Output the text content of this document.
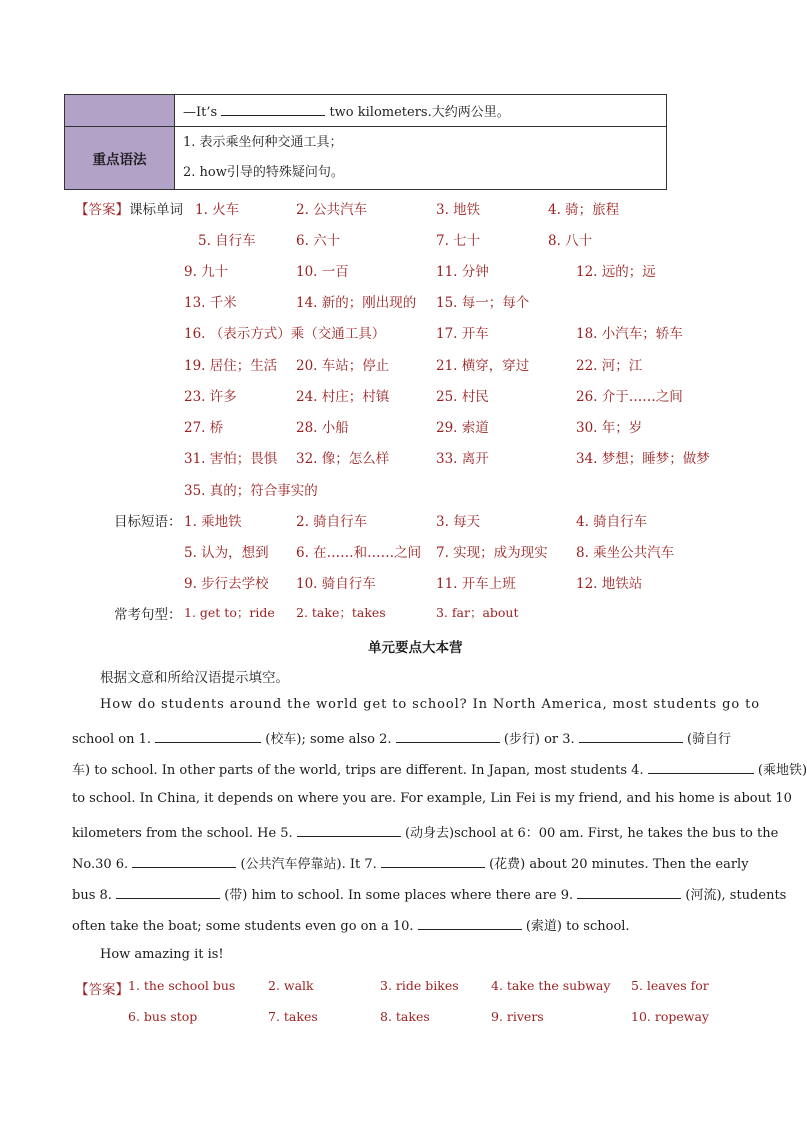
	—It’s two kilometers.大约两公里。
重点语法	1. 表示乘坐何种交通工具；
2. how引导的特殊疑问句。
【答案】课标单词 1. 火车	2. 公共汽车	3. 地铁	4. 骑；旅程
5. 自行车	6. 六十	7. 七十	8. 八十
9. 九十	10. 一百	11. 分钟	12. 远的；远
13. 千米	14. 新的；刚出现的 15. 每一；每个
16. （表示方式）乘（交通工具）	17. 开车	18. 小汽车；轿车
19. 居住；生活 20. 车站；停止	21. 横穿，穿过	22. 河；江
23. 许多	24. 村庄；村镇	25. 村民	26. 介于……之间
27. 桥	28. 小船	29. 索道	30. 年；岁
31. 害怕；畏惧 32. 像；怎么样	33. 离开	34. 梦想；睡梦；做梦
35. 真的；符合事实的
目标短语： 1. 乘地铁	2. 骑自行车	3. 每天	4. 骑自行车
5. 认为，想到 6. 在……和……之间 7. 实现；成为现实 8. 乘坐公共汽车
9. 步行去学校 10. 骑自行车	11. 开车上班	12. 地铁站
常考句型： 1. get to；ride 2. take；takes	3. far；about
单元要点大本营
根据文意和所给汉语提示填空。
How do students around the world get to school? In North America, most students go to
school on 1.	(校车); some also 2.	(步行) or 3.	(骑自行
车) to school. In other parts of the world, trips are different. In Japan, most students 4.	(乘地铁)
to school. In China, it depends on where you are. For example, Lin Fei is my friend, and his home is about 10
kilometers from the school. He 5.	(动身去)school at 6：00 am. First, he takes the bus to the
No.30 6.	(公共汽车停靠站). It 7.	(花费) about 20 minutes. Then the early
bus 8.	(带) him to school. In some places where there are 9.	(河流), students
often take the boat; some students even go on a 10.	(索道) to school.
How amazing it is!
【答案】 1. the school bus	2. walk	3. ride bikes	4. take the subway 5. leaves for
6. bus stop	7. takes	8. takes	9. rivers	10. ropeway
